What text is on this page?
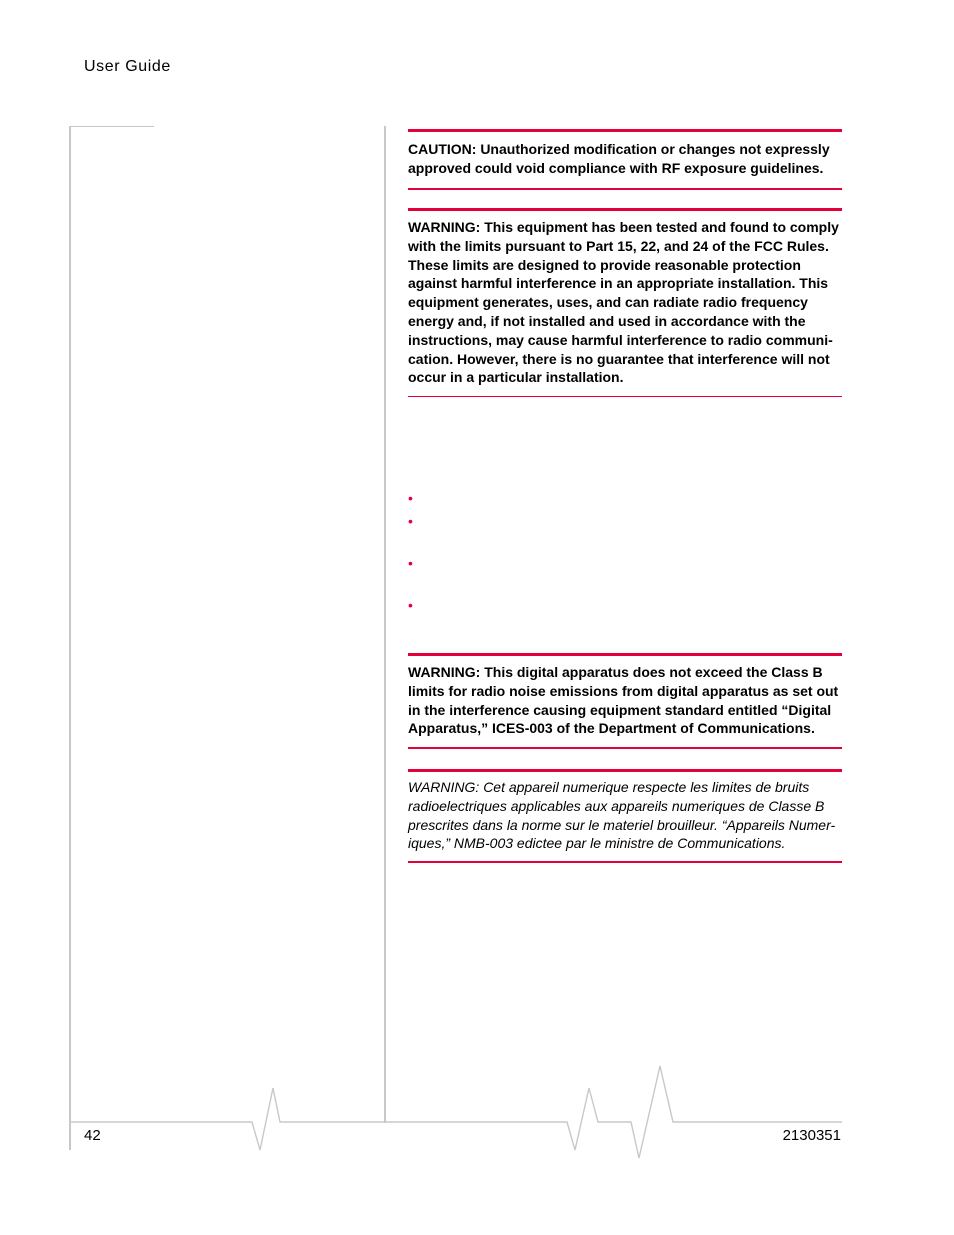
User Guide

CAUTION: Unauthorized modification or changes not expressly approved could void compliance with RF exposure guidelines.

WARNING: This equipment has been tested and found to comply with the limits pursuant to Part 15, 22, and 24 of the FCC Rules. These limits are designed to provide reasonable protection against harmful interference in an appropriate installation. This equipment generates, uses, and can radiate radio frequency energy and, if not installed and used in accordance with the instructions, may cause harmful interference to radio communi-cation. However, there is no guarantee that interference will not occur in a particular installation.

•
•
•
•

WARNING: This digital apparatus does not exceed the Class B limits for radio noise emissions from digital apparatus as set out in the interference causing equipment standard entitled “Digital Apparatus,” ICES-003 of the Department of Communications.

WARNING: Cet appareil numerique respecte les limites de bruits radioelectriques applicables aux appareils numeriques de Classe B prescrites dans la norme sur le materiel brouilleur. “Appareils Numer-iques,” NMB-003 edictee par le ministre de Communications.

42	2130351
